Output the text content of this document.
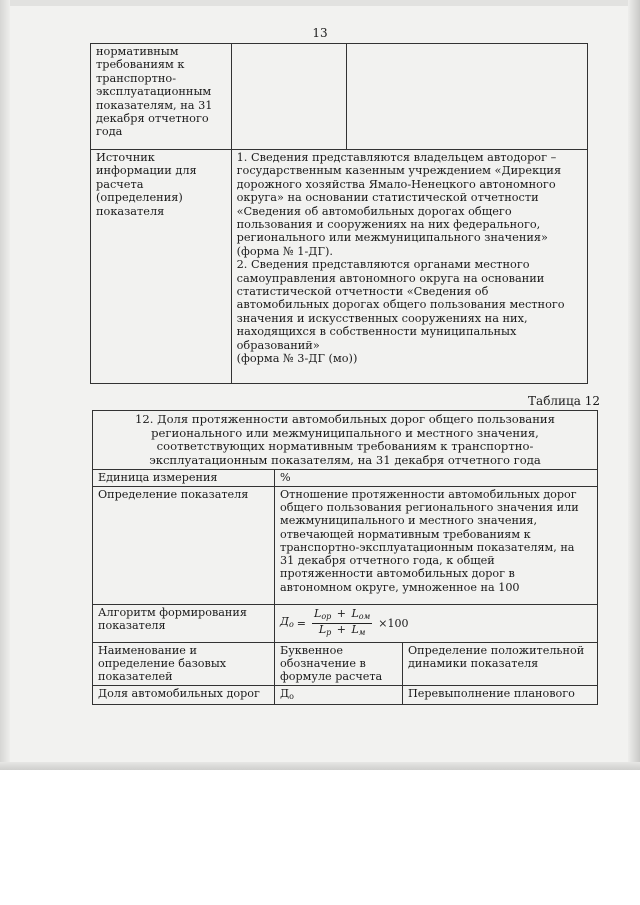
13
нормативным требованиям к транспортно-эксплуатационным показателям, на 31 декабря отчетного года		
Источник информации для расчета (определения) показателя	1. Сведения представляются владельцем автодорог – государственным казенным учреждением «Дирекция дорожного хозяйства Ямало-Ненецкого автономного округа» на основании статистической отчетности «Сведения об автомобильных дорогах общего пользования и сооружениях на них федерального, регионального или межмуниципального значения» (форма № 1-ДГ).
2. Сведения представляются органами местного самоуправления автономного округа на основании статистической отчетности «Сведения об автомобильных дорогах общего пользования местного значения и искусственных сооружениях на них, находящихся в собственности муниципальных образований»
(форма № 3-ДГ (мо))	
Таблица 12
12. Доля протяженности автомобильных дорог общего пользования регионального или межмуниципального и местного значения, соответствующих нормативным требованиям к транспортно-эксплуатационным показателям, на 31 декабря отчетного года		
Единица измерения	%	
Определение показателя	Отношение протяженности автомобильных дорог общего пользования регионального значения или межмуниципального и местного значения, отвечающей нормативным требованиям к транспортно-эксплуатационным показателям, на 31 декабря отчетного года, к общей протяженности автомобильных дорог в автономном округе, умноженное на 100	
Алгоритм формирования показателя	$Д_о = \frac{L_{ор} + L_{ом}}{L_р + L_м} \times 100$	

Наименование и определение базовых показателей	Буквенное обозначение в формуле расчета	Определение положительной динамики показателя
Доля автомобильных дорог	$Д_о$	Перевыполнение планового
